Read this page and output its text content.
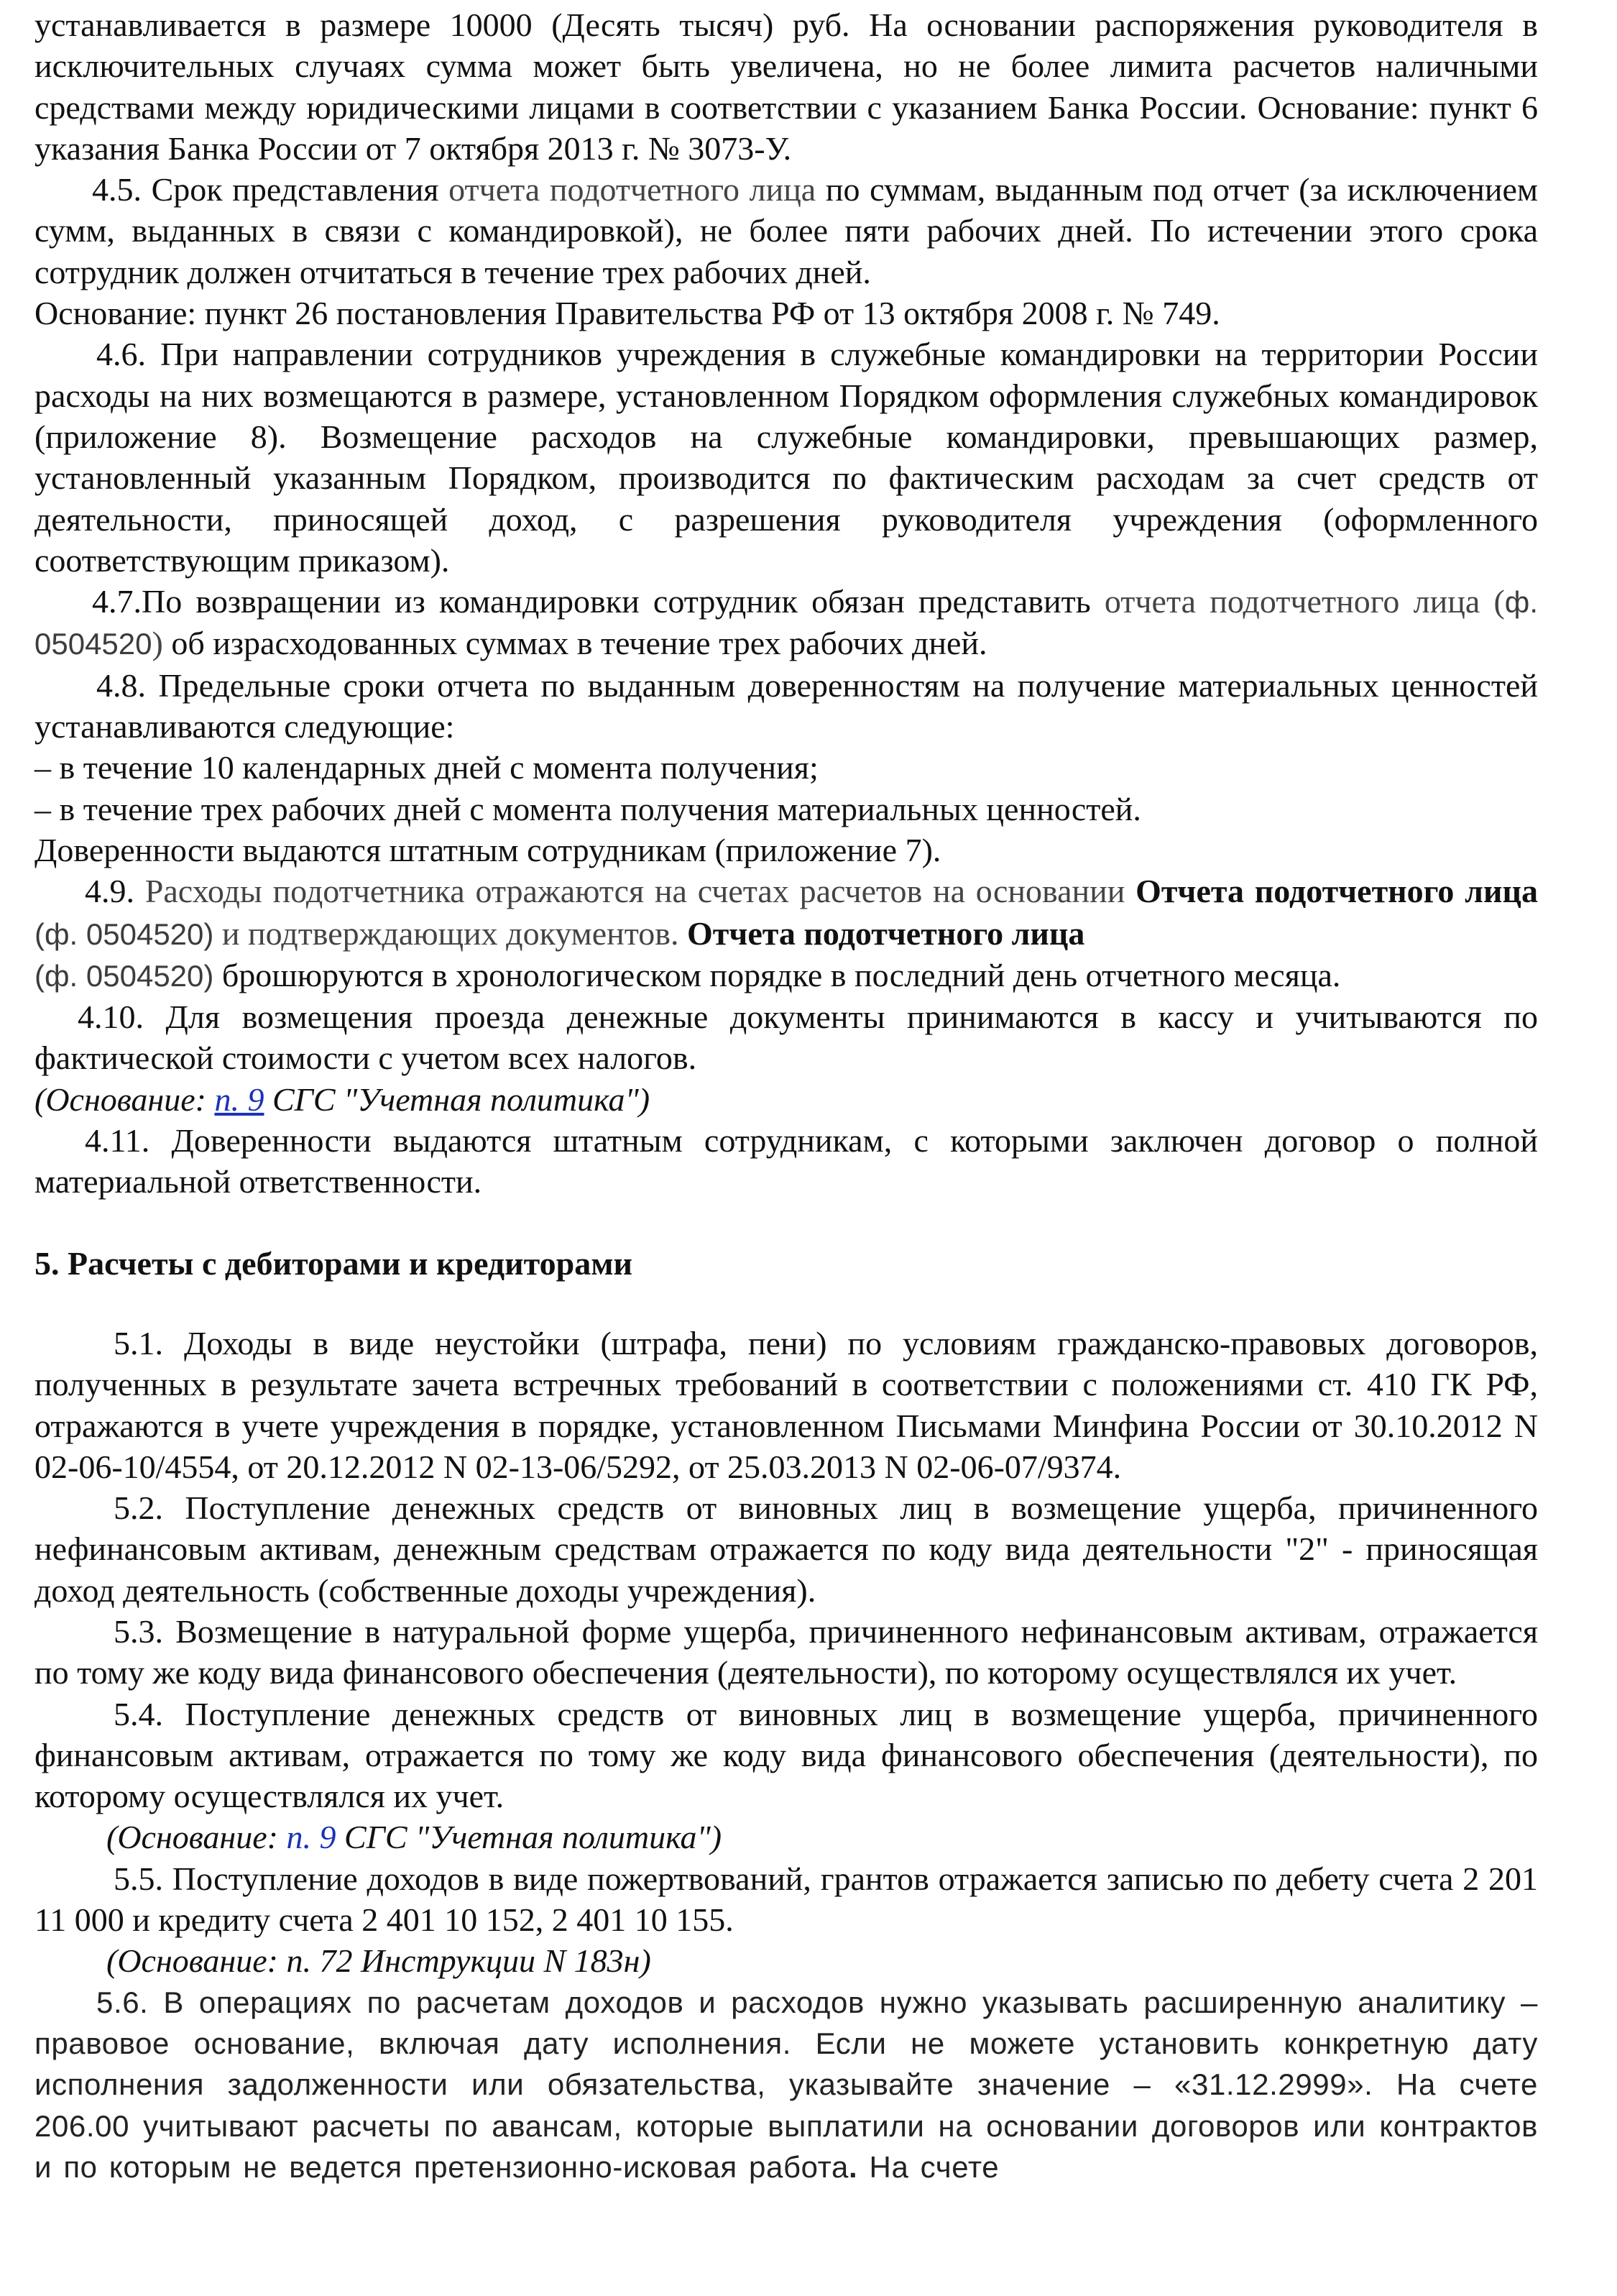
устанавливается в размере 10000 (Десять тысяч) руб. На основании распоряжения руководителя в исключительных случаях сумма может быть увеличена, но не более лимита расчетов наличными средствами между юридическими лицами в соответствии с указанием Банка России. Основание: пункт 6 указания Банка России от 7 октября 2013 г. № 3073-У.

4.5. Срок представления отчета подотчетного лица по суммам, выданным под отчет (за исключением сумм, выданных в связи с командировкой), не более пяти рабочих дней. По истечении этого срока сотрудник должен отчитаться в течение трех рабочих дней.

Основание: пункт 26 постановления Правительства РФ от 13 октября 2008 г. № 749.

4.6. При направлении сотрудников учреждения в служебные командировки на территории России расходы на них возмещаются в размере, установленном Порядком оформления служебных командировок (приложение 8). Возмещение расходов на служебные командировки, превышающих размер, установленный указанным Порядком, производится по фактическим расходам за счет средств от деятельности, приносящей доход, с разрешения руководителя учреждения (оформленного соответствующим приказом).

4.7.По возвращении из командировки сотрудник обязан представить отчета подотчетного лица (ф. 0504520) об израсходованных суммах в течение трех рабочих дней.

4.8. Предельные сроки отчета по выданным доверенностям на получение материальных ценностей устанавливаются следующие:

– в течение 10 календарных дней с момента получения;

– в течение трех рабочих дней с момента получения материальных ценностей.

Доверенности выдаются штатным сотрудникам (приложение 7).

4.9. Расходы подотчетника отражаются на счетах расчетов на основании Отчета подотчетного лица (ф. 0504520) и подтверждающих документов. Отчета подотчетного лица
(ф. 0504520) брошюруются в хронологическом порядке в последний день отчетного месяца.

4.10. Для возмещения проезда денежные документы принимаются в кассу и учитываются по фактической стоимости с учетом всех налогов.

(Основание: п. 9 СГС "Учетная политика")

4.11. Доверенности выдаются штатным сотрудникам, с которыми заключен договор о полной материальной ответственности.

5. Расчеты с дебиторами и кредиторами

5.1. Доходы в виде неустойки (штрафа, пени) по условиям гражданско-правовых договоров, полученных в результате зачета встречных требований в соответствии с положениями ст. 410 ГК РФ, отражаются в учете учреждения в порядке, установленном Письмами Минфина России от 30.10.2012 N 02-06-10/4554, от 20.12.2012 N 02-13-06/5292, от 25.03.2013 N 02-06-07/9374.

5.2. Поступление денежных средств от виновных лиц в возмещение ущерба, причиненного нефинансовым активам, денежным средствам отражается по коду вида деятельности "2" - приносящая доход деятельность (собственные доходы учреждения).

5.3. Возмещение в натуральной форме ущерба, причиненного нефинансовым активам, отражается по тому же коду вида финансового обеспечения (деятельности), по которому осуществлялся их учет.

5.4. Поступление денежных средств от виновных лиц в возмещение ущерба, причиненного финансовым активам, отражается по тому же коду вида финансового обеспечения (деятельности), по которому осуществлялся их учет.

(Основание: п. 9 СГС "Учетная политика")

5.5. Поступление доходов в виде пожертвований, грантов отражается записью по дебету счета 2 201 11 000 и кредиту счета 2 401 10 152, 2 401 10 155.

(Основание: п. 72 Инструкции N 183н)

5.6. В операциях по расчетам доходов и расходов нужно указывать расширенную аналитику – правовое основание, включая дату исполнения. Если не можете установить конкретную дату исполнения задолженности или обязательства, указывайте значение – «31.12.2999». На счете 206.00 учитывают расчеты по авансам, которые выплатили на основании договоров или контрактов и по которым не ведется претензионно-исковая работа. На счете
